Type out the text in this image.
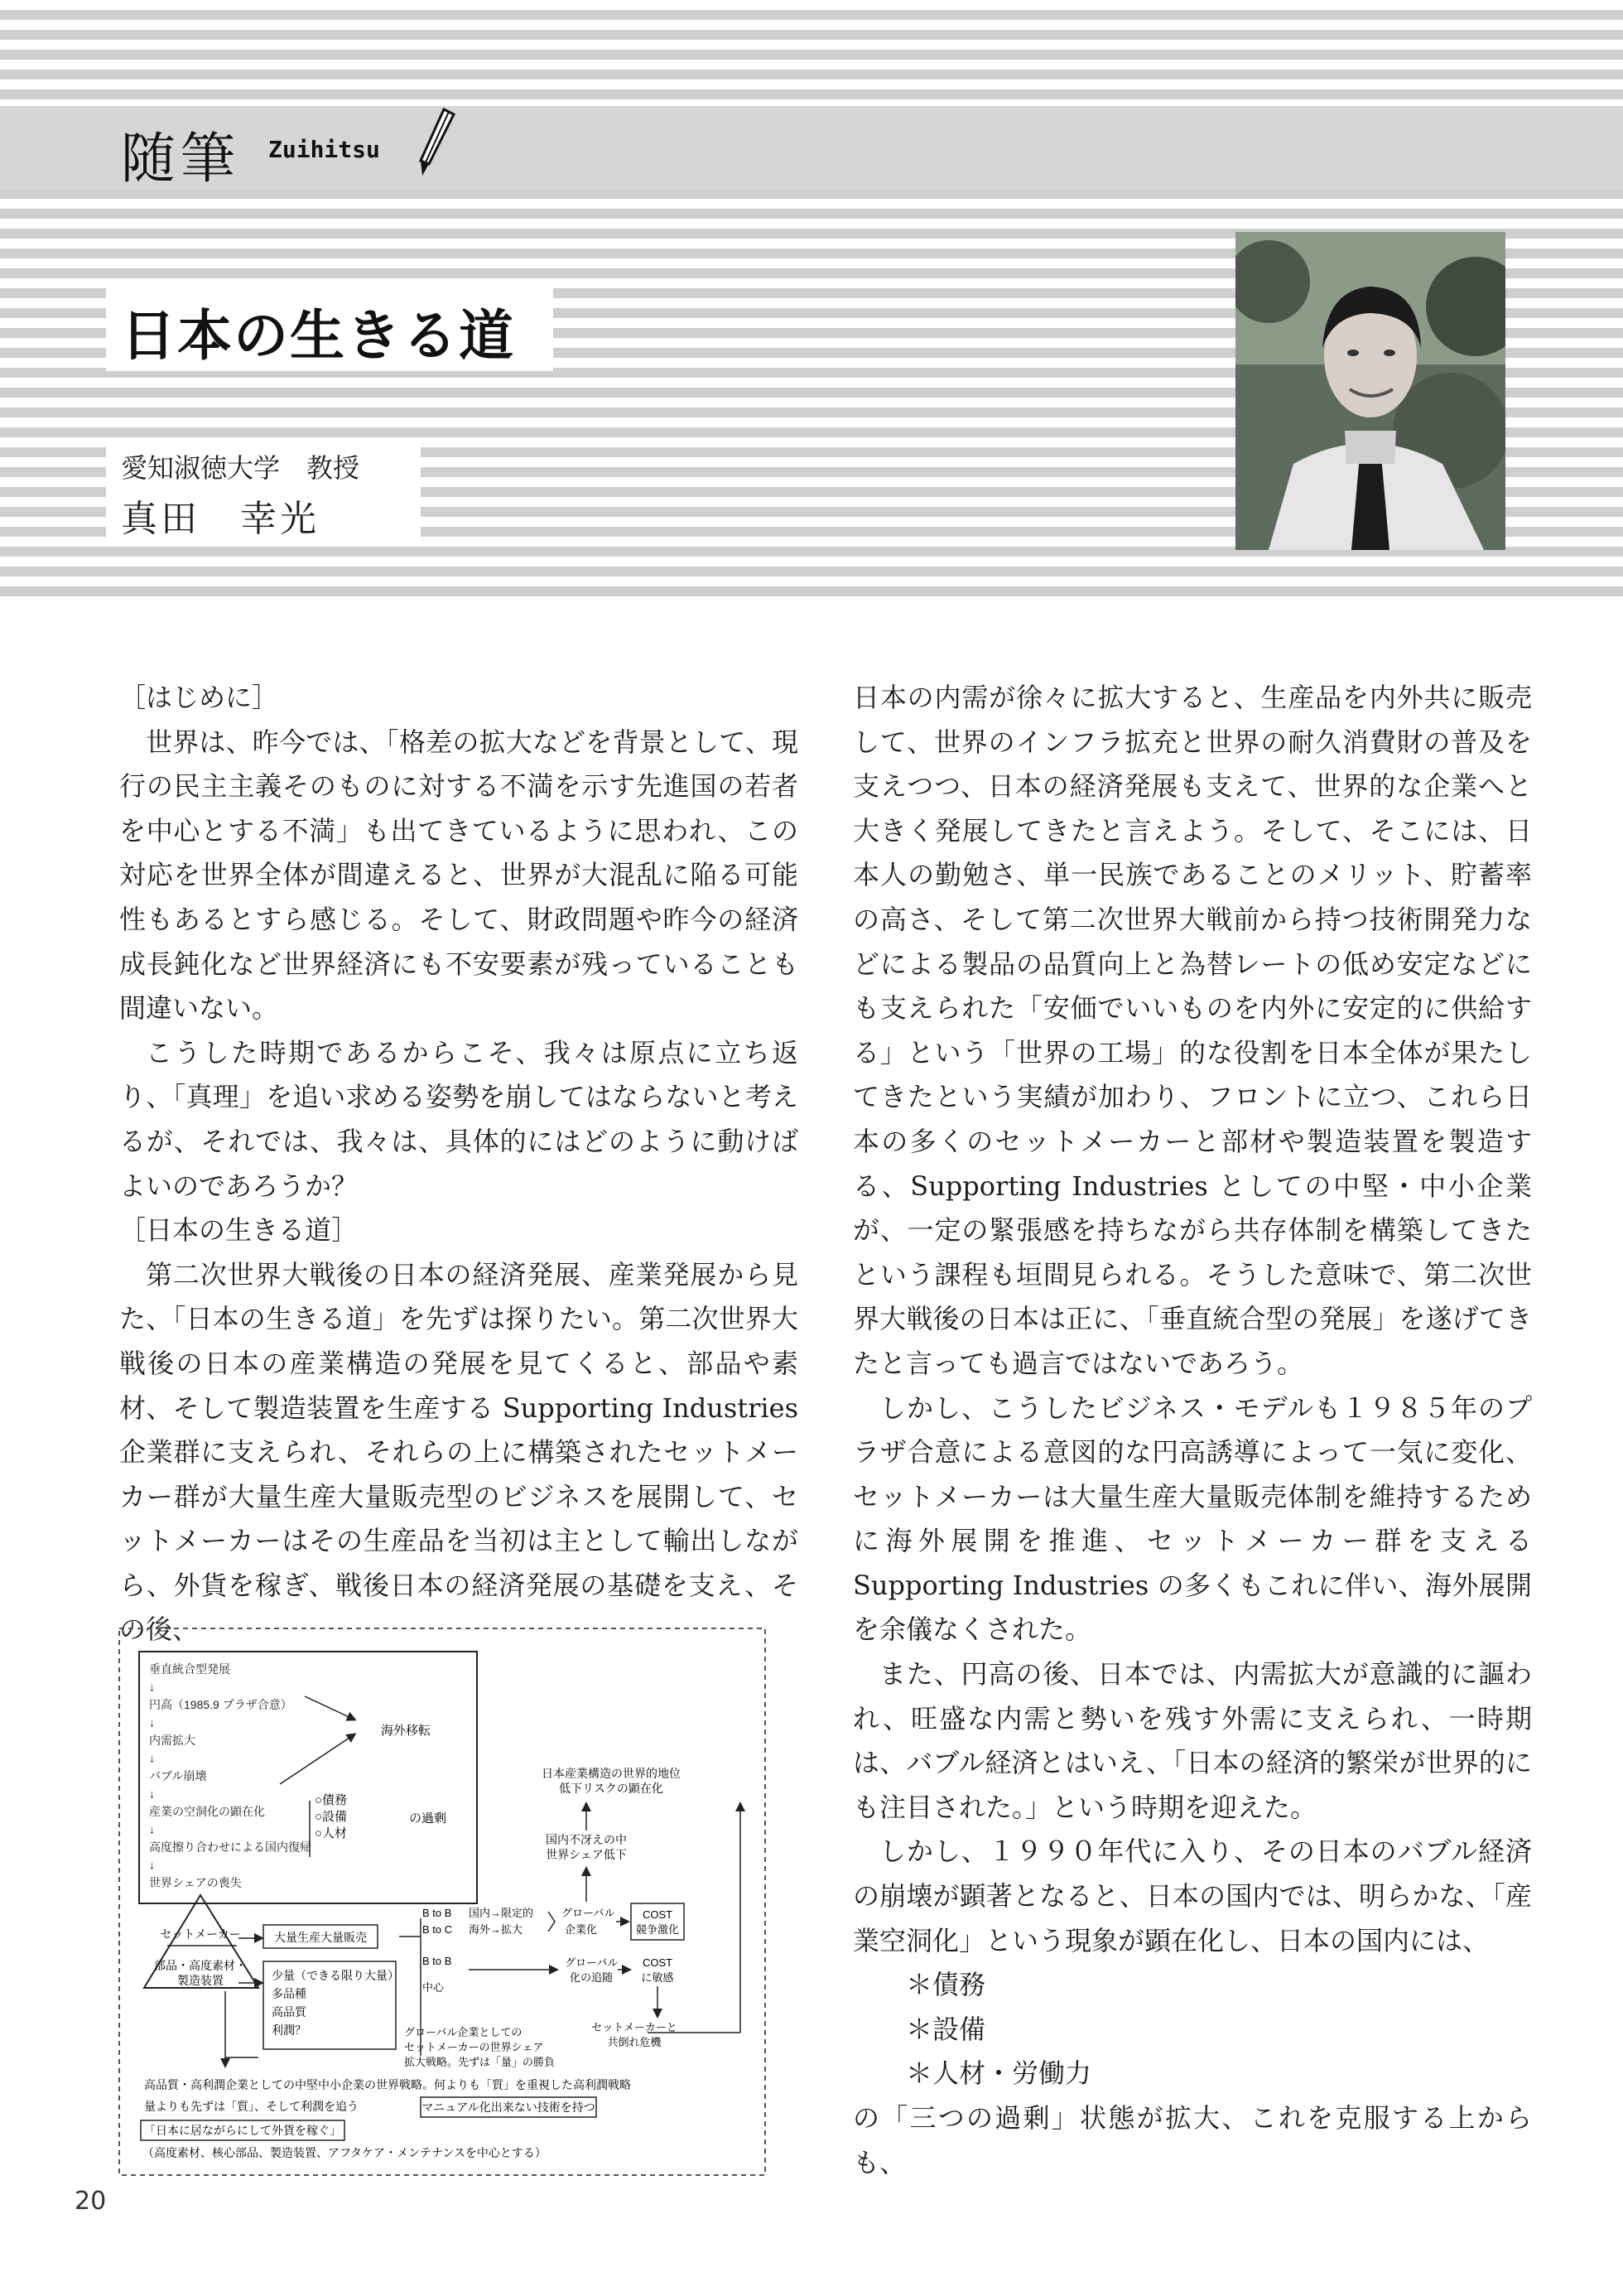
随筆 Zuihitsu
日本の生きる道
愛知淑徳大学　教授
真田　幸光

［はじめに］

世界は、昨今では、「格差の拡大などを背景として、現行の民主主義そのものに対する不満を示す先進国の若者を中心とする不満」も出てきているように思われ、この対応を世界全体が間違えると、世界が大混乱に陥る可能性もあるとすら感じる。そして、財政問題や昨今の経済成長鈍化など世界経済にも不安要素が残っていることも間違いない。

こうした時期であるからこそ、我々は原点に立ち返り、「真理」を追い求める姿勢を崩してはならないと考えるが、それでは、我々は、具体的にはどのように動けばよいのであろうか？

［日本の生きる道］

第二次世界大戦後の日本の経済発展、産業発展から見た、「日本の生きる道」を先ずは探りたい。第二次世界大戦後の日本の産業構造の発展を見てくると、部品や素材、そして製造装置を生産する Supporting Industries 企業群に支えられ、それらの上に構築されたセットメーカー群が大量生産大量販売型のビジネスを展開して、セットメーカーはその生産品を当初は主として輸出しながら、外貨を稼ぎ、戦後日本の経済発展の基礎を支え、その後、

日本の内需が徐々に拡大すると、生産品を内外共に販売して、世界のインフラ拡充と世界の耐久消費財の普及を支えつつ、日本の経済発展も支えて、世界的な企業へと大きく発展してきたと言えよう。そして、そこには、日本人の勤勉さ、単一民族であることのメリット、貯蓄率の高さ、そして第二次世界大戦前から持つ技術開発力などによる製品の品質向上と為替レートの低め安定などにも支えられた「安価でいいものを内外に安定的に供給する」という「世界の工場」的な役割を日本全体が果たしてきたという実績が加わり、フロントに立つ、これら日本の多くのセットメーカーと部材や製造装置を製造する、Supporting Industries としての中堅・中小企業が、一定の緊張感を持ちながら共存体制を構築してきたという課程も垣間見られる。そうした意味で、第二次世界大戦後の日本は正に、「垂直統合型の発展」を遂げてきたと言っても過言ではないであろう。

しかし、こうしたビジネス・モデルも１９８５年のプラザ合意による意図的な円高誘導によって一気に変化、セットメーカーは大量生産大量販売体制を維持するために海外展開を推進、セットメーカー群を支える Supporting Industries の多くもこれに伴い、海外展開を余儀なくされた。

また、円高の後、日本では、内需拡大が意識的に謳われ、旺盛な内需と勢いを残す外需に支えられ、一時期は、バブル経済とはいえ、「日本の経済的繁栄が世界的にも注目された。」という時期を迎えた。

しかし、１９９０年代に入り、その日本のバブル経済の崩壊が顕著となると、日本の国内では、明らかな、「産業空洞化」という現象が顕在化し、日本の国内には、

＊債務

＊設備

＊人材・労働力

の「三つの過剰」状態が拡大、これを克服する上からも、

垂直統合型発展
↓
円高（1985.9 プラザ合意）
↓
内需拡大
↓
バブル崩壊
↓
産業の空洞化の顕在化
↓
高度擦り合わせによる国内復帰
↓
世界シェアの喪失
海外移転
○債務
○設備
○人材
の過剰
日本産業構造の世界的地位
低下リスクの顕在化
国内不冴えの中
世界シェア低下
セットメーカー
部品・高度素材・
製造装置
大量生産大量販売
少量（できる限り大量）
多品種
高品質
利潤？
B to B
B to C
国内→限定的
海外→拡大
グローバル
企業化
COST
競争激化
B to B
中心
グローバル
化の追随
COST
に敏感
セットメーカーと
共倒れ危機
グローバル企業としての
セットメーカーの世界シェア
拡大戦略。先ずは「量」の勝負
高品質・高利潤企業としての中堅中小企業の世界戦略。何よりも「質」を重視した高利潤戦略
量よりも先ずは「質」、そして利潤を追う	マニュアル化出来ない技術を持つ
「日本に居ながらにして外貨を稼ぐ」
（高度素材、核心部品、製造装置、アフタケア・メンテナンスを中心とする）
20
